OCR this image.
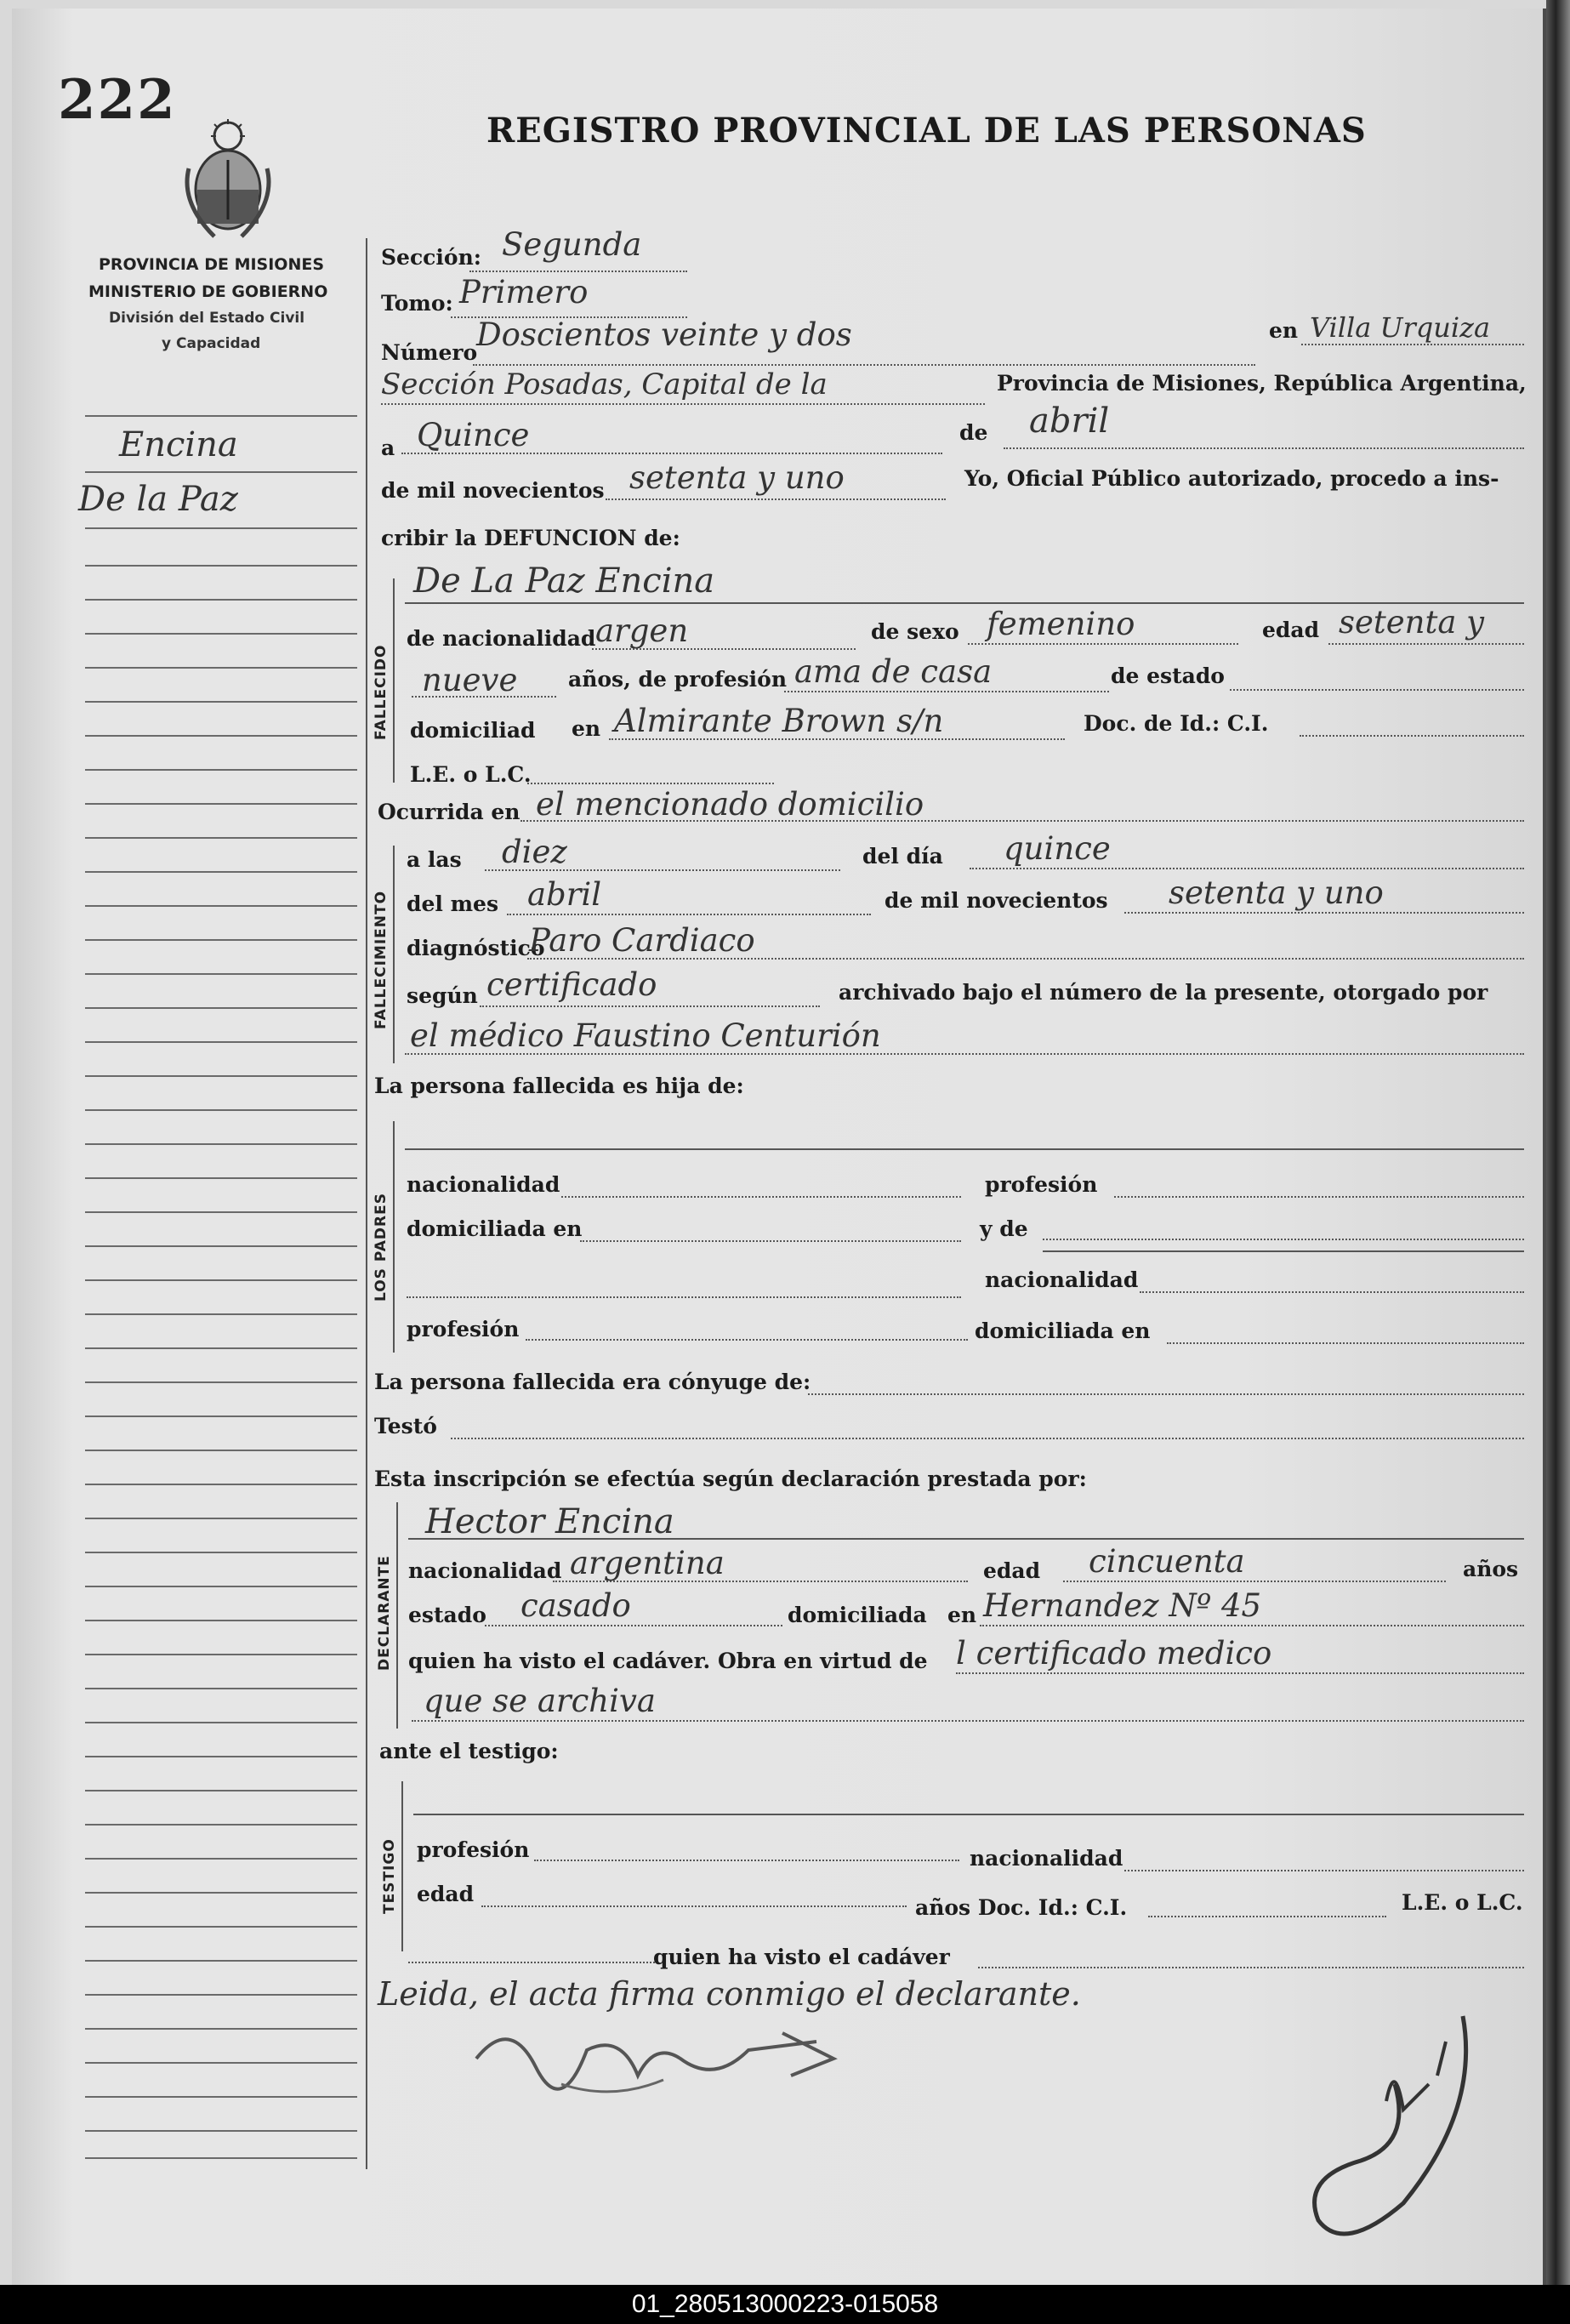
222	REGISTRO PROVINCIAL DE LAS PERSONAS
PROVINCIA DE MISIONES
MINISTERIO DE GOBIERNO
División del Estado Civil
y Capacidad
Encina
De la Paz
Sección: Segunda
Tomo: Primero
Número
Doscientos veinte y dos	en Villa Urquiza
Sección Posadas, Capital de la	Provincia de Misiones, República Argentina,
a Quince	de abril
de mil novecientos setenta y uno	Yo, Oficial Público autorizado, procedo a ins-
cribir la DEFUNCION de:
FALLECIDO
De La Paz Encina
de nacionalidad argen	de sexo femenino	edad setenta y
nueve años, de profesión ama de casa	de estado
domiciliad en Almirante Brown s/n	Doc. de Id.: C.I.
L.E. o L.C.
Ocurrida en el mencionado domicilio
FALLECIMIENTO
a las diez	del día quince
del mes abril	de mil novecientos setenta y uno
diagnóstico
Paro Cardiaco
según certificado	archivado bajo el número de la presente, otorgado por
el médico Faustino Centurión
La persona fallecida es hija de:
LOS PADRES
nacionalidad	profesión
domiciliada en	y de
nacionalidad
profesión	domiciliada en
La persona fallecida era cónyuge de:
Testó
Esta inscripción se efectúa según declaración prestada por:
DECLARANTE
Hector Encina
nacionalidad argentina	edad cincuenta	años
estado casado	domiciliada en Hernandez Nº 45
quien ha visto el cadáver. Obra en virtud de l certificado medico
que se archiva
ante el testigo:
TESTIGO profesión	nacionalidad
edad
años Doc. Id.: C.I.	L.E. o L.C.
quien ha visto el cadáver
Leida, el acta firma conmigo el declarante.
01_280513000223-015058
